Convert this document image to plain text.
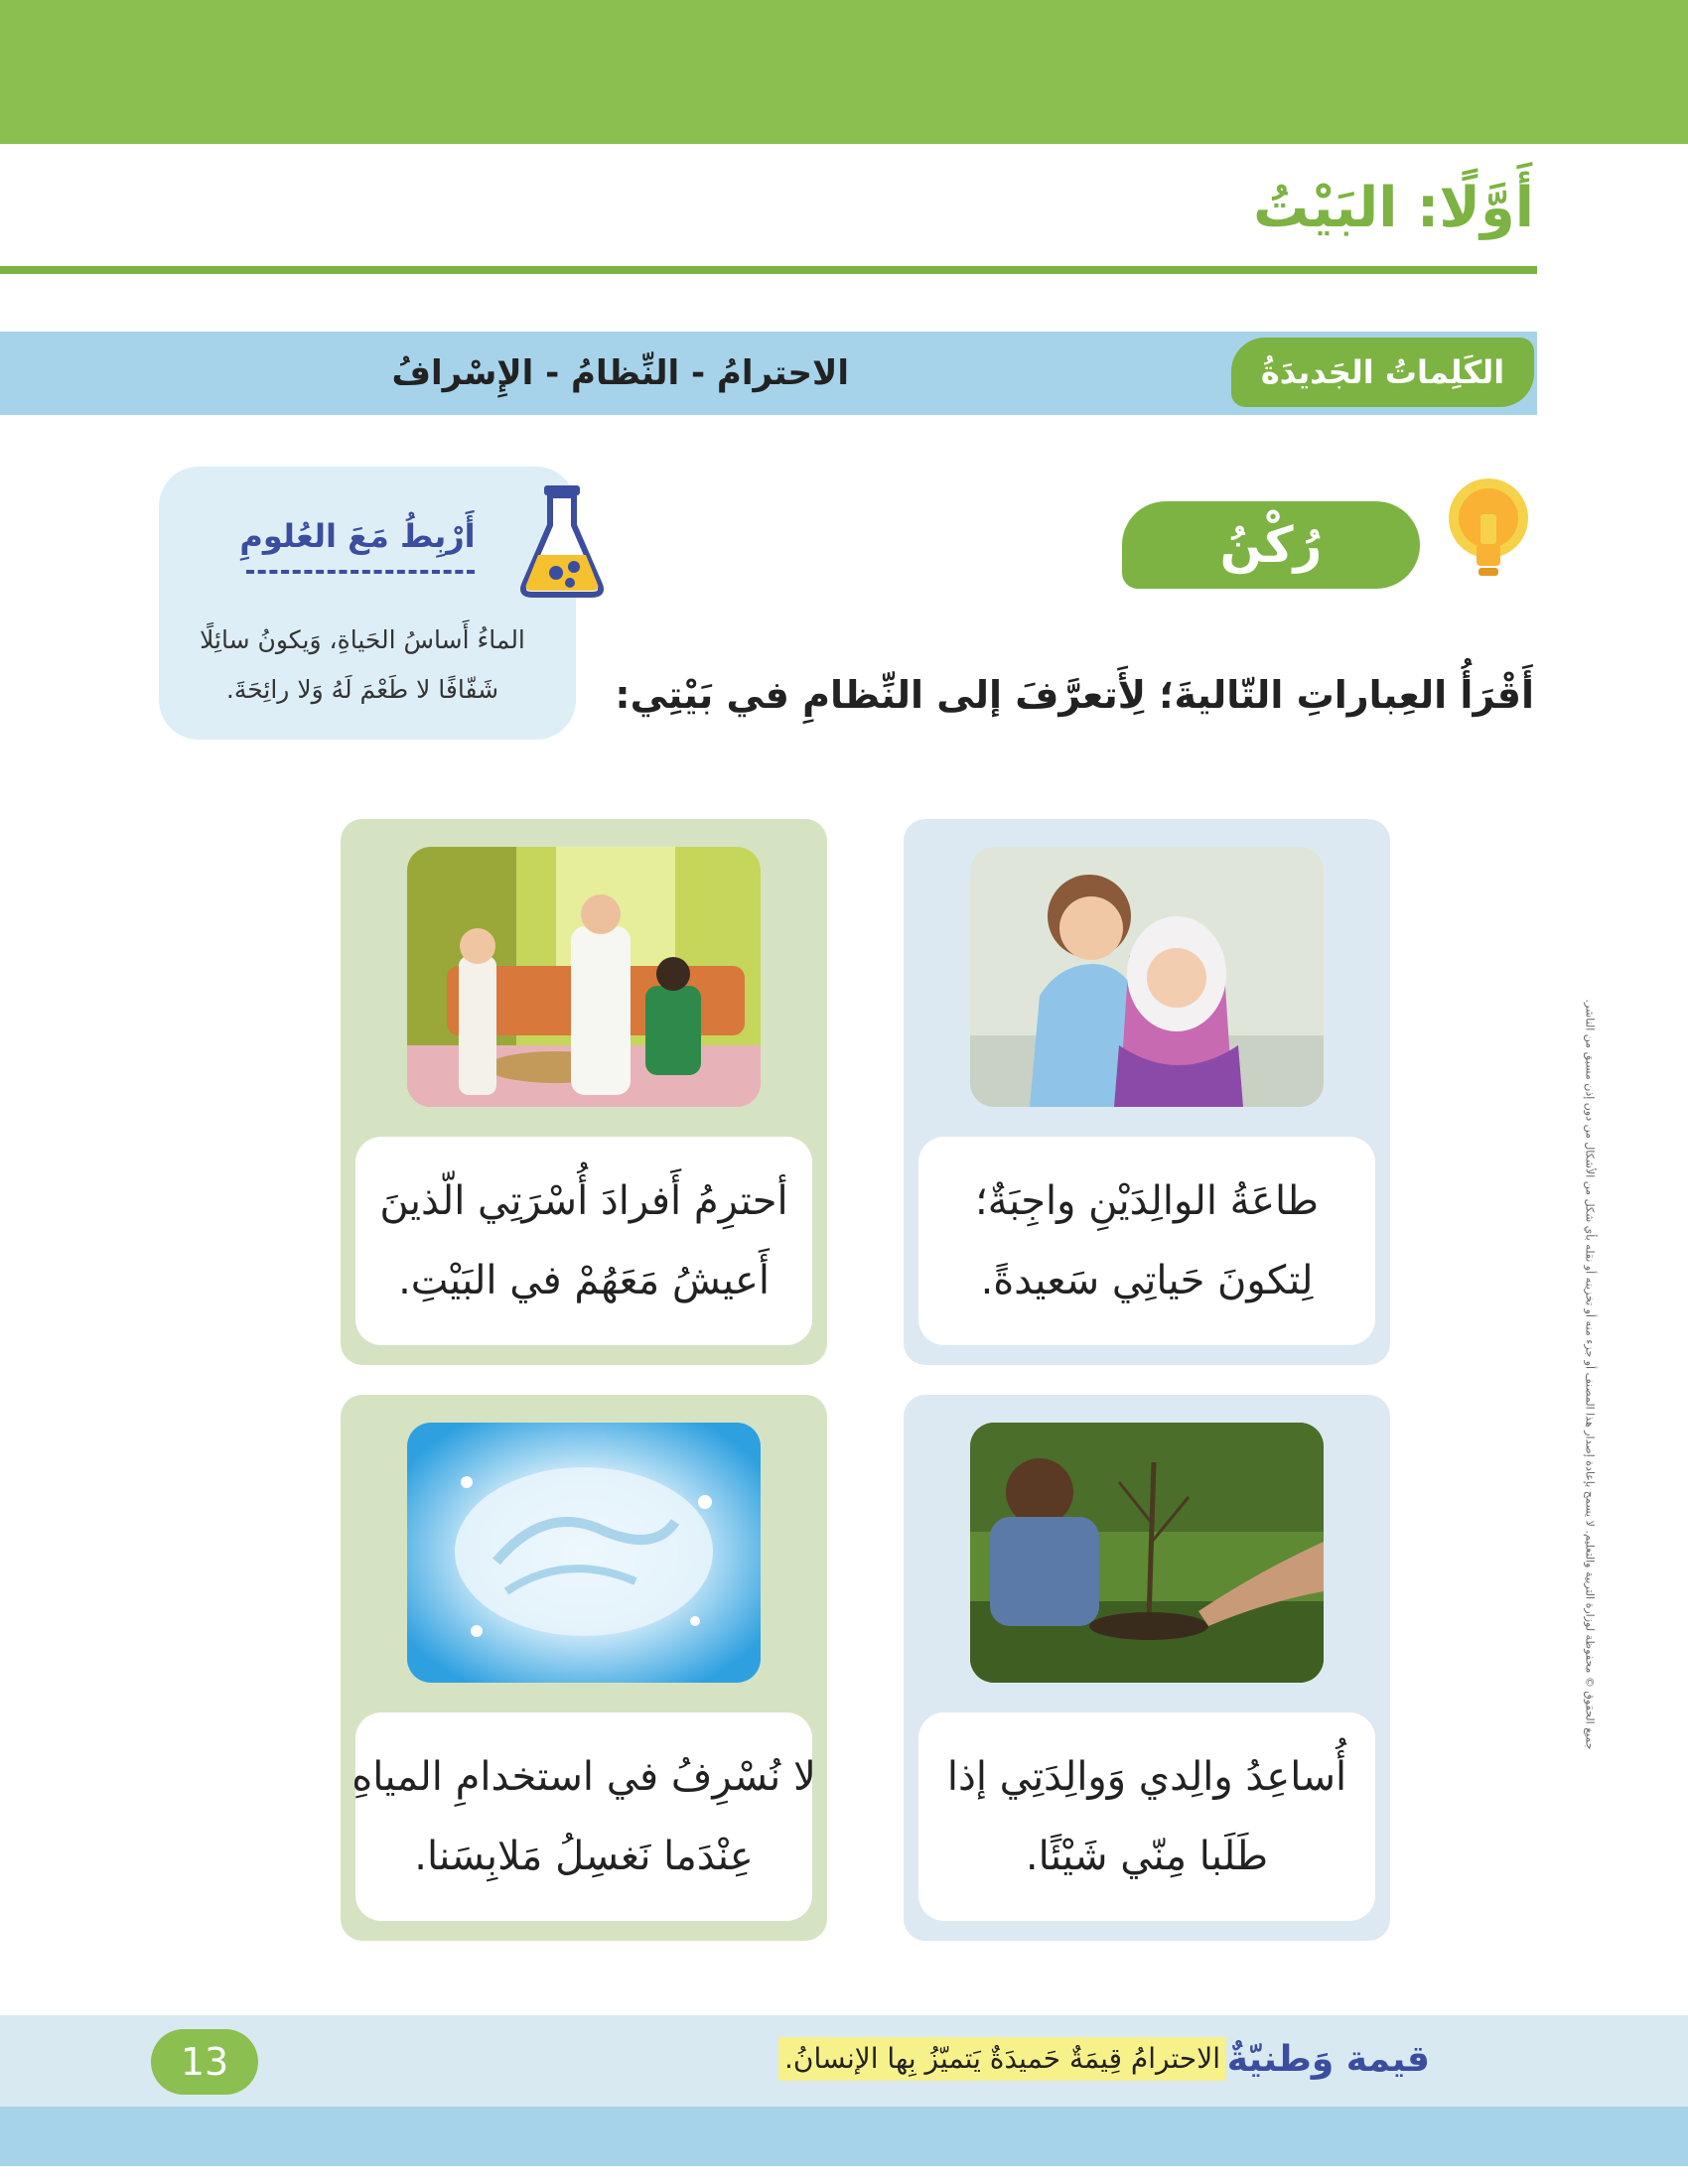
أَوَّلًا: البَيْتُ
الكَلِماتُ الجَديدَةُ
الاحترامُ - النِّظامُ - الإِسْرافُ
رُكْنُ المَعرِفَةِ
أَرْبِطُ مَعَ العُلومِ

الماءُ أَساسُ الحَياةِ، وَيكونُ سائِلًا
شَفّافًا لا طَعْمَ لَهُ وَلا رائِحَةَ.	أَقْرَأُ العِباراتِ التّاليةَ؛ لِأَتعرَّفَ إلى النِّظامِ في بَيْتِي:

طاعَةُ الوالِدَيْنِ واجِبَةٌ؛
لِتكونَ حَياتِي سَعيدةً.
أحترِمُ أَفرادَ أُسْرَتِي الّذينَ
أَعيشُ مَعَهُمْ في البَيْتِ.
أُساعِدُ والِدي وَوالِدَتِي إذا
طَلَبا مِنّي شَيْئًا.
لا نُسْرِفُ في استخدامِ المياهِ
عِنْدَما نَغسِلُ مَلابِسَنا.
جميع الحقوق © محفوظة لوزارة التربية والتعليم. لا يسمح بإعادة إصدار هذا المصنف أو جزء منه أو تخزينه أو نقله بأي شكل من الأشكال من دون إذن مسبق من الناشر.

قيمة وَطنيّةٌ

الاحترامُ قِيمَةٌ حَميدَةٌ يَتميّزُ بِها الإنسانُ.

13
